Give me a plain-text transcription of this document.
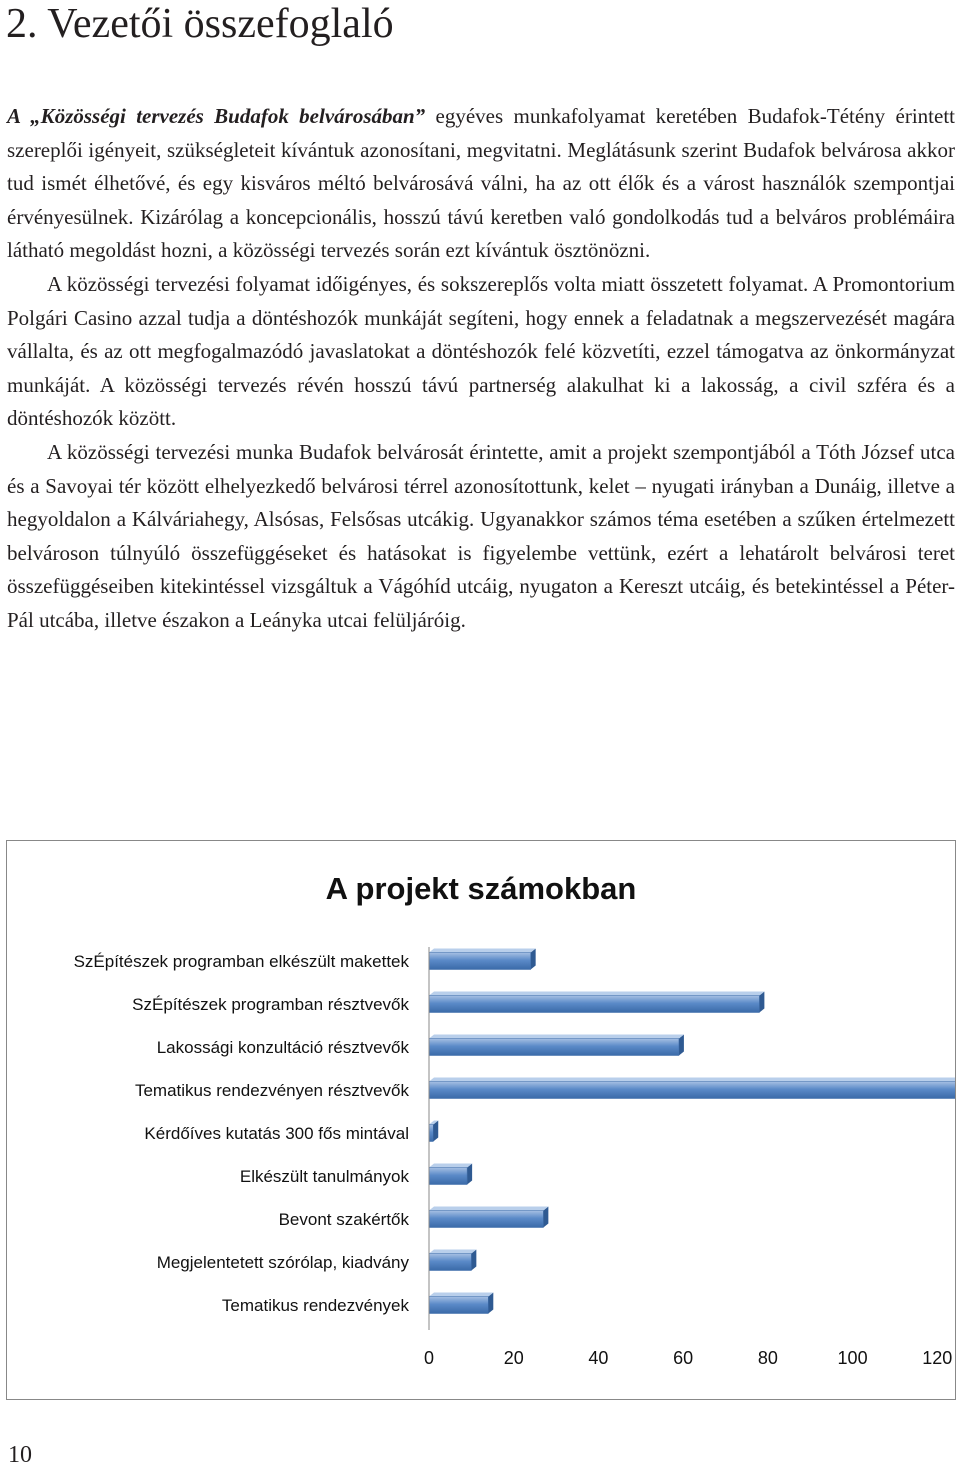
2. Vezetői összefoglaló

A „Közösségi tervezés Budafok belvárosában” egyéves munkafolyamat keretében Budafok-Tétény érintett szereplői igényeit, szükségleteit kívántuk azonosítani, megvitatni. Meglátásunk szerint Budafok belvárosa akkor tud ismét élhetővé, és egy kisváros méltó belvárosává válni, ha az ott élők és a várost használók szempontjai érvényesülnek. Kizárólag a koncepcionális, hosszú távú keretben való gondolkodás tud a belváros problémáira látható megoldást hozni, a közösségi tervezés során ezt kívántuk ösztönözni.

A közösségi tervezési folyamat időigényes, és sokszereplős volta miatt összetett folyamat. A Promontorium Polgári Casino azzal tudja a döntéshozók munkáját segíteni, hogy ennek a feladatnak a megszervezését magára vállalta, és az ott megfogalmazódó javaslatokat a döntéshozók felé közvetíti, ezzel támogatva az önkormányzat munkáját. A közösségi tervezés révén hosszú távú partnerség alakulhat ki a lakosság, a civil szféra és a döntéshozók között.

A közösségi tervezési munka Budafok belvárosát érintette, amit a projekt szempontjából a Tóth József utca és a Savoyai tér között elhelyezkedő belvárosi térrel azonosítottunk, kelet – nyugati irányban a Dunáig, illetve a hegyoldalon a Kálváriahegy, Alsósas, Felsősas utcákig. Ugyanakkor számos téma esetében a szűken értelmezett belvároson túlnyúló összefüggéseket és hatásokat is figyelembe vettünk, ezért a lehatárolt belvárosi teret összefüggéseiben kitekintéssel vizsgáltuk a Vágóhíd utcáig, nyugaton a Kereszt utcáig, és betekintéssel a Péter-Pál utcába, illetve északon a Leányka utcai felüljáróig.

A projekt számokban
SzÉpítészek programban elkészült makettek
SzÉpítészek programban résztvevők
Lakossági konzultáció résztvevők
Tematikus rendezvényen résztvevők
Kérdőíves kutatás 300 fős mintával
Elkészült tanulmányok
Bevont szakértők
Megjelentetett szórólap, kiadvány
Tematikus rendezvények
0	20	40	60	80	100	120
10
